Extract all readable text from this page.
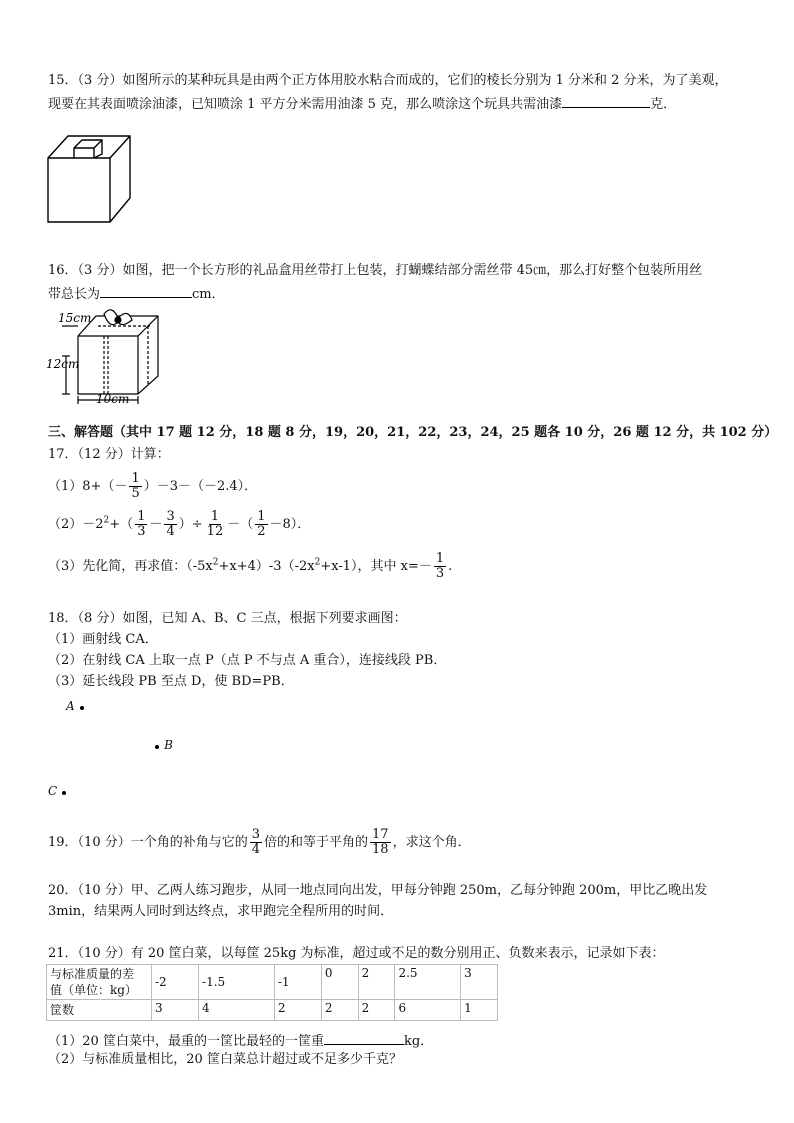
15．（3 分）如图所示的某种玩具是由两个正方体用胶水粘合而成的，它们的棱长分别为 1 分米和 2 分米，为了美观，
现要在其表面喷涂油漆，已知喷涂 1 平方分米需用油漆 5 克，那么喷涂这个玩具共需油漆	克．
16．（3 分）如图，把一个长方形的礼品盒用丝带打上包装，打蝴蝶结部分需丝带 45㎝，那么打好整个包装所用丝
带总长为	cm．
15cm
12cm
10cm
三、解答题（其中 17 题 12 分，18 题 8 分，19，20，21，22，23，24，25 题各 10 分，26 题 12 分，共 102 分）
17．（12 分）计算：
$(1)8+(- \frac{1}{5} )-3-(-2.4)$．
$(2)-2^2+( \frac{1}{3} - \frac{3}{4}$ ）÷ $\frac{1}{12}$ －（ $\frac{1}{2} -8$）．
（3）先化简，再求值：$(-5x^2+x+4)-3(-2x^2+x-1)$，其中 $x=- \frac{1}{3}$ .
18．（8 分）如图，已知 A、B、C 三点，根据下列要求画图：
（1）画射线 CA．
（2）在射线 CA 上取一点 P（点 P 不与点 A 重合），连接线段 PB．
（3）延长线段 PB 至点 D，使 BD=PB．
A
B
C
19．（10 分）一个角的补角与它的 $\frac{3}{4}$ 倍的和等于平角的 $\frac{17}{18}$ ，求这个角．
20．（10 分）甲、乙两人练习跑步，从同一地点同向出发，甲每分钟跑 250m，乙每分钟跑 200m，甲比乙晚出发
3min，结果两人同时到达终点，求甲跑完全程所用的时间．
21．（10 分）有 20 筐白菜，以每筐 25kg 为标准，超过或不足的数分别用正、负数来表示，记录如下表：
与标准质量的差
值（单位：kg）	-2	-1.5	-1	0	2	2.5	3
筐数	3	4	2	2	2	6	1
（1）20 筐白菜中，最重的一筐比最轻的一筐重	kg．
（2）与标准质量相比，20 筐白菜总计超过或不足多少千克？
